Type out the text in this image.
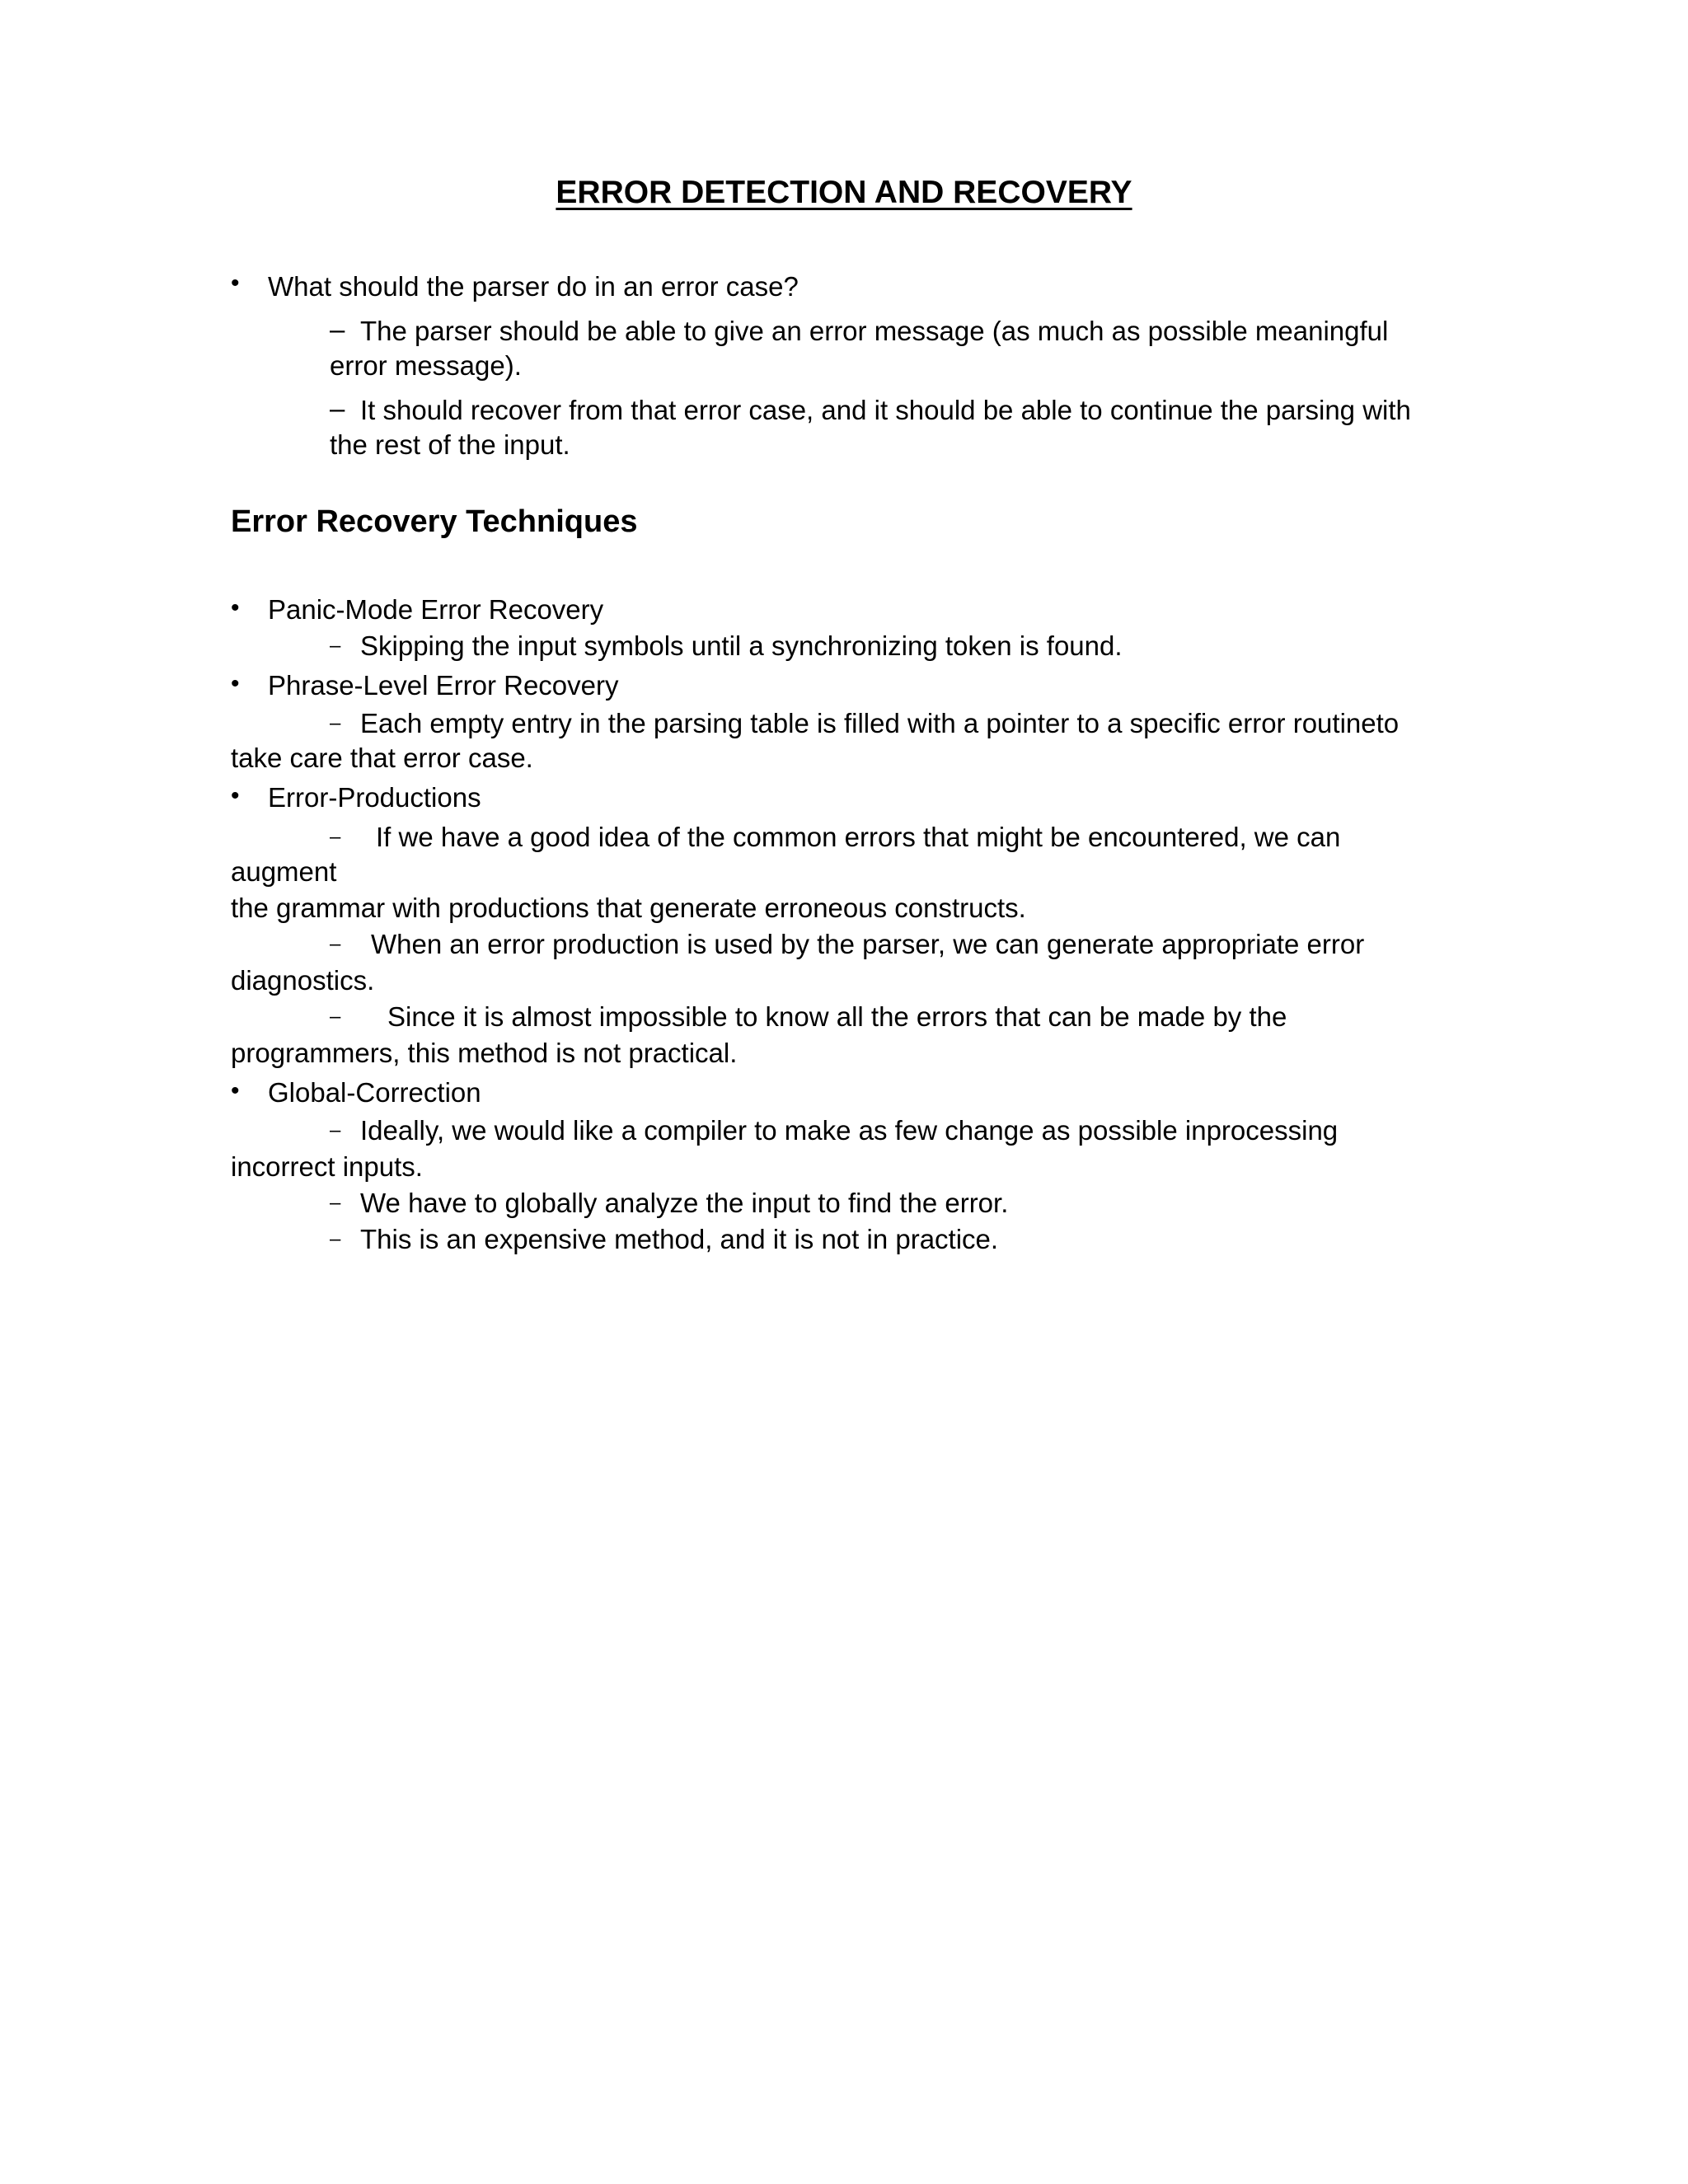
ERROR DETECTION AND RECOVERY
• What should the parser do in an error case?
– The parser should be able to give an error message (as much as possible meaningful
error message).
– It should recover from that error case, and it should be able to continue the parsing with
the rest of the input.
Error Recovery Techniques
• Panic-Mode Error Recovery
– Skipping the input symbols until a synchronizing token is found.
• Phrase-Level Error Recovery
– Each empty entry in the parsing table is filled with a pointer to a specific error routineto
take care that error case.
• Error-Productions
– If we have a good idea of the common errors that might be encountered, we can
augment
the grammar with productions that generate erroneous constructs.
– When an error production is used by the parser, we can generate appropriate error
diagnostics.
– Since it is almost impossible to know all the errors that can be made by the
programmers, this method is not practical.
• Global-Correction
– Ideally, we would like a compiler to make as few change as possible inprocessing
incorrect inputs.
– We have to globally analyze the input to find the error.
– This is an expensive method, and it is not in practice.
